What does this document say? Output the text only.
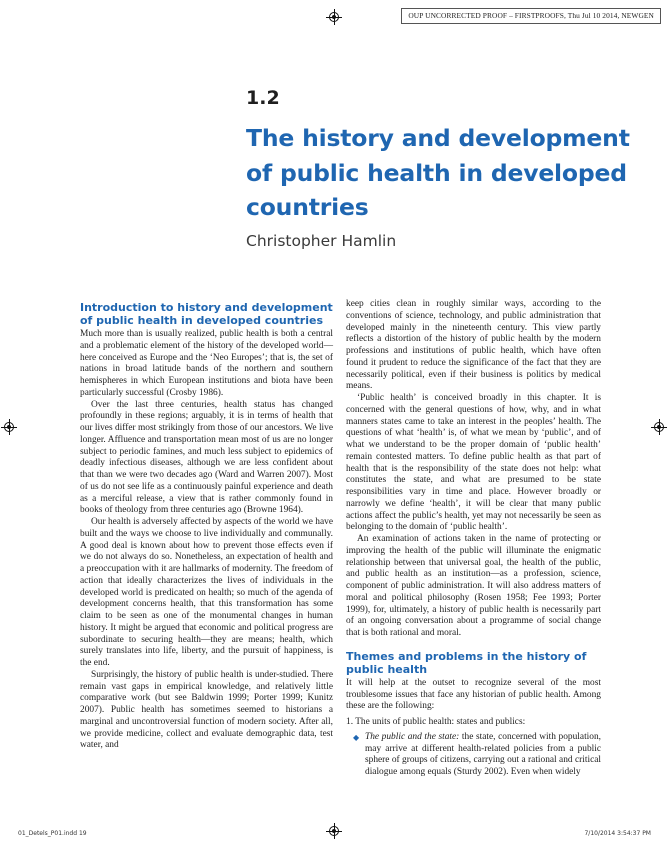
OUP UNCORRECTED PROOF – FIRSTPROOFS, Thu Jul 10 2014, NEWGEN
1.2
The history and development of public health in developed countries
Christopher Hamlin
Introduction to history and development of public health in developed countries

Much more than is usually realized, public health is both a central and a problematic element of the history of the developed world—here conceived as Europe and the ‘Neo Europes’; that is, the set of nations in broad latitude bands of the northern and southern hemispheres in which European institutions and biota have been particularly successful (Crosby 1986).

Over the last three centuries, health status has changed profoundly in these regions; arguably, it is in terms of health that our lives differ most strikingly from those of our ancestors. We live longer. Affluence and transportation mean most of us are no longer subject to periodic famines, and much less subject to epidemics of deadly infectious diseases, although we are less confident about that than we were two decades ago (Ward and Warren 2007). Most of us do not see life as a continuously painful experience and death as a merciful release, a view that is rather commonly found in books of theology from three centuries ago (Browne 1964).

Our health is adversely affected by aspects of the world we have built and the ways we choose to live individually and communally. A good deal is known about how to prevent those effects even if we do not always do so. Nonetheless, an expectation of health and a preoccupation with it are hallmarks of modernity. The freedom of action that ideally characterizes the lives of individuals in the developed world is predicated on health; so much of the agenda of development concerns health, that this transformation has some claim to be seen as one of the monumental changes in human history. It might be argued that economic and political progress are subordinate to securing health—they are means; health, which surely translates into life, liberty, and the pursuit of happiness, is the end.

Surprisingly, the history of public health is under-studied. There remain vast gaps in empirical knowledge, and relatively little comparative work (but see Baldwin 1999; Porter 1999; Kunitz 2007). Public health has sometimes seemed to historians a marginal and uncontroversial function of modern society. After all, we provide medicine, collect and evaluate demographic data, test water, and

keep cities clean in roughly similar ways, according to the conventions of science, technology, and public administration that developed mainly in the nineteenth century. This view partly reflects a distortion of the history of public health by the modern professions and institutions of public health, which have often found it prudent to reduce the significance of the fact that they are necessarily political, even if their business is politics by medical means.

‘Public health’ is conceived broadly in this chapter. It is concerned with the general questions of how, why, and in what manners states came to take an interest in the peoples’ health. The questions of what ‘health’ is, of what we mean by ‘public’, and of what we understand to be the proper domain of ‘public health’ remain contested matters. To define public health as that part of health that is the responsibility of the state does not help: what constitutes the state, and what are presumed to be state responsibilities vary in time and place. However broadly or narrowly we define ‘health’, it will be clear that many public actions affect the public’s health, yet may not necessarily be seen as belonging to the domain of ‘public health’.

An examination of actions taken in the name of protecting or improving the health of the public will illuminate the enigmatic relationship between that universal goal, the health of the public, and public health as an institution—as a profession, science, component of public administration. It will also address matters of moral and political philosophy (Rosen 1958; Fee 1993; Porter 1999), for, ultimately, a history of public health is necessarily part of an ongoing conversation about a programme of social change that is both rational and moral.

Themes and problems in the history of public health

It will help at the outset to recognize several of the most troublesome issues that face any historian of public health. Among these are the following:

1. The units of public health: states and publics:

◆ The public and the state: the state, concerned with population, may arrive at different health-related policies from a public sphere of groups of citizens, carrying out a rational and critical dialogue among equals (Sturdy 2002). Even when widely

01_Detels_P01.indd 19	7/10/2014 3:54:37 PM
